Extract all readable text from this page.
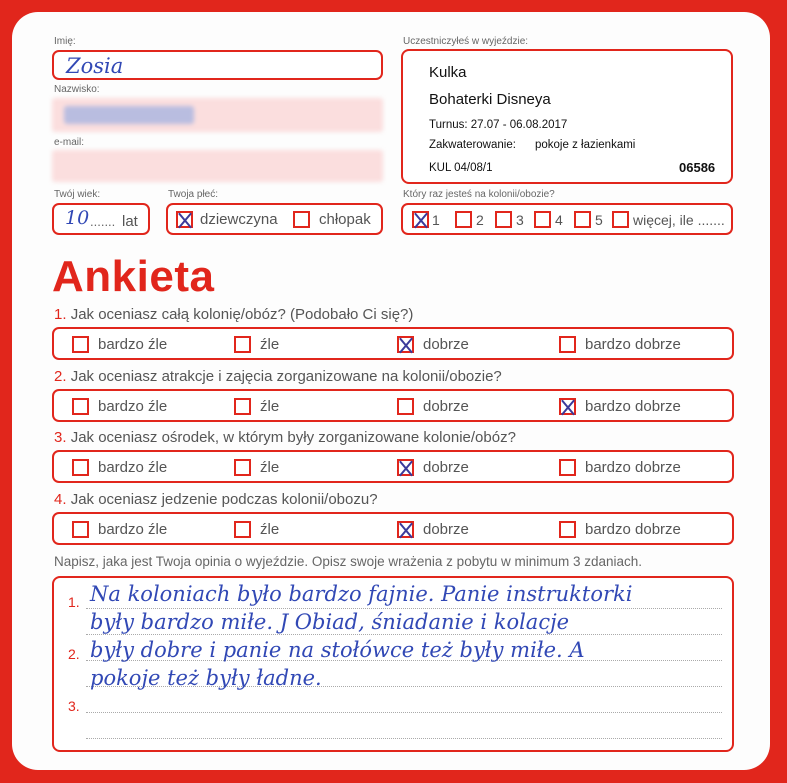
Imię:
Zosia
Nazwisko:
e-mail:
Twój wiek:
10 ....... lat
Twoja płeć:
dziewczyna	chłopak
Uczestniczyłeś w wyjeździe:
Kulka
Bohaterki Disneya
Turnus: 27.07 - 06.08.2017
Zakwaterowanie: pokoje z łazienkami
KUL 04/08/1	06586
Który raz jesteś na kolonii/obozie?
1	2 3 4 5 więcej, ile .......
Ankieta
1. Jak oceniasz całą kolonię/obóz? (Podobało Ci się?)
bardzo źle	źle	dobrze	bardzo dobrze
2. Jak oceniasz atrakcje i zajęcia zorganizowane na kolonii/obozie?
bardzo źle	źle	dobrze	bardzo dobrze
3. Jak oceniasz ośrodek, w którym były zorganizowane kolonie/obóz?
bardzo źle	źle	dobrze	bardzo dobrze
4. Jak oceniasz jedzenie podczas kolonii/obozu?
bardzo źle	źle	dobrze	bardzo dobrze
Napisz, jaka jest Twoja opinia o wyjeździe. Opisz swoje wrażenia z pobytu w minimum 3 zdaniach.
1.
2.
3.
Na koloniach było bardzo fajnie. Panie instruktorki
były bardzo miłe. J Obiad, śniadanie i kolacje
były dobre i panie na stołówce też były miłe. A
pokoje też były ładne.
